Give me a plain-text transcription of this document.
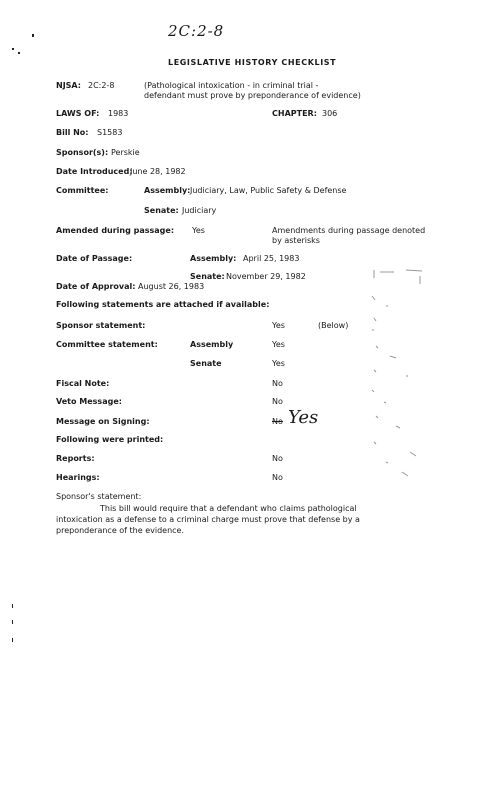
2C:2-8
LEGISLATIVE HISTORY CHECKLIST
NJSA: 2C:2-8	(Pathological intoxication - in criminal trial -
defendant must prove by preponderance of evidence)
LAWS OF: 1983	CHAPTER: 306
Bill No: S1583
Sponsor(s): Perskie
Date Introduced:
June 28, 1982
Committee:	Assembly: Judiciary, Law, Public Safety & Defense
Senate: Judiciary
Amended during passage: Yes	Amendments during passage denoted
by asterisks
Date of Passage:	Assembly: April 25, 1983
Senate: November 29, 1982
Date of Approval: August 26, 1983
Following statements are attached if available:
Sponsor statement:	Yes	(Below)
Committee statement:	Assembly	Yes
Senate	Yes
Fiscal Note:	No
Veto Message:	No
Message on Signing:	No Yes
Following were printed:
Reports:	No
Hearings:	No
Sponsor's statement:
This bill would require that a defendant who claims pathological intoxication as a defense to a criminal charge must prove that defense by a preponderance of the evidence.
